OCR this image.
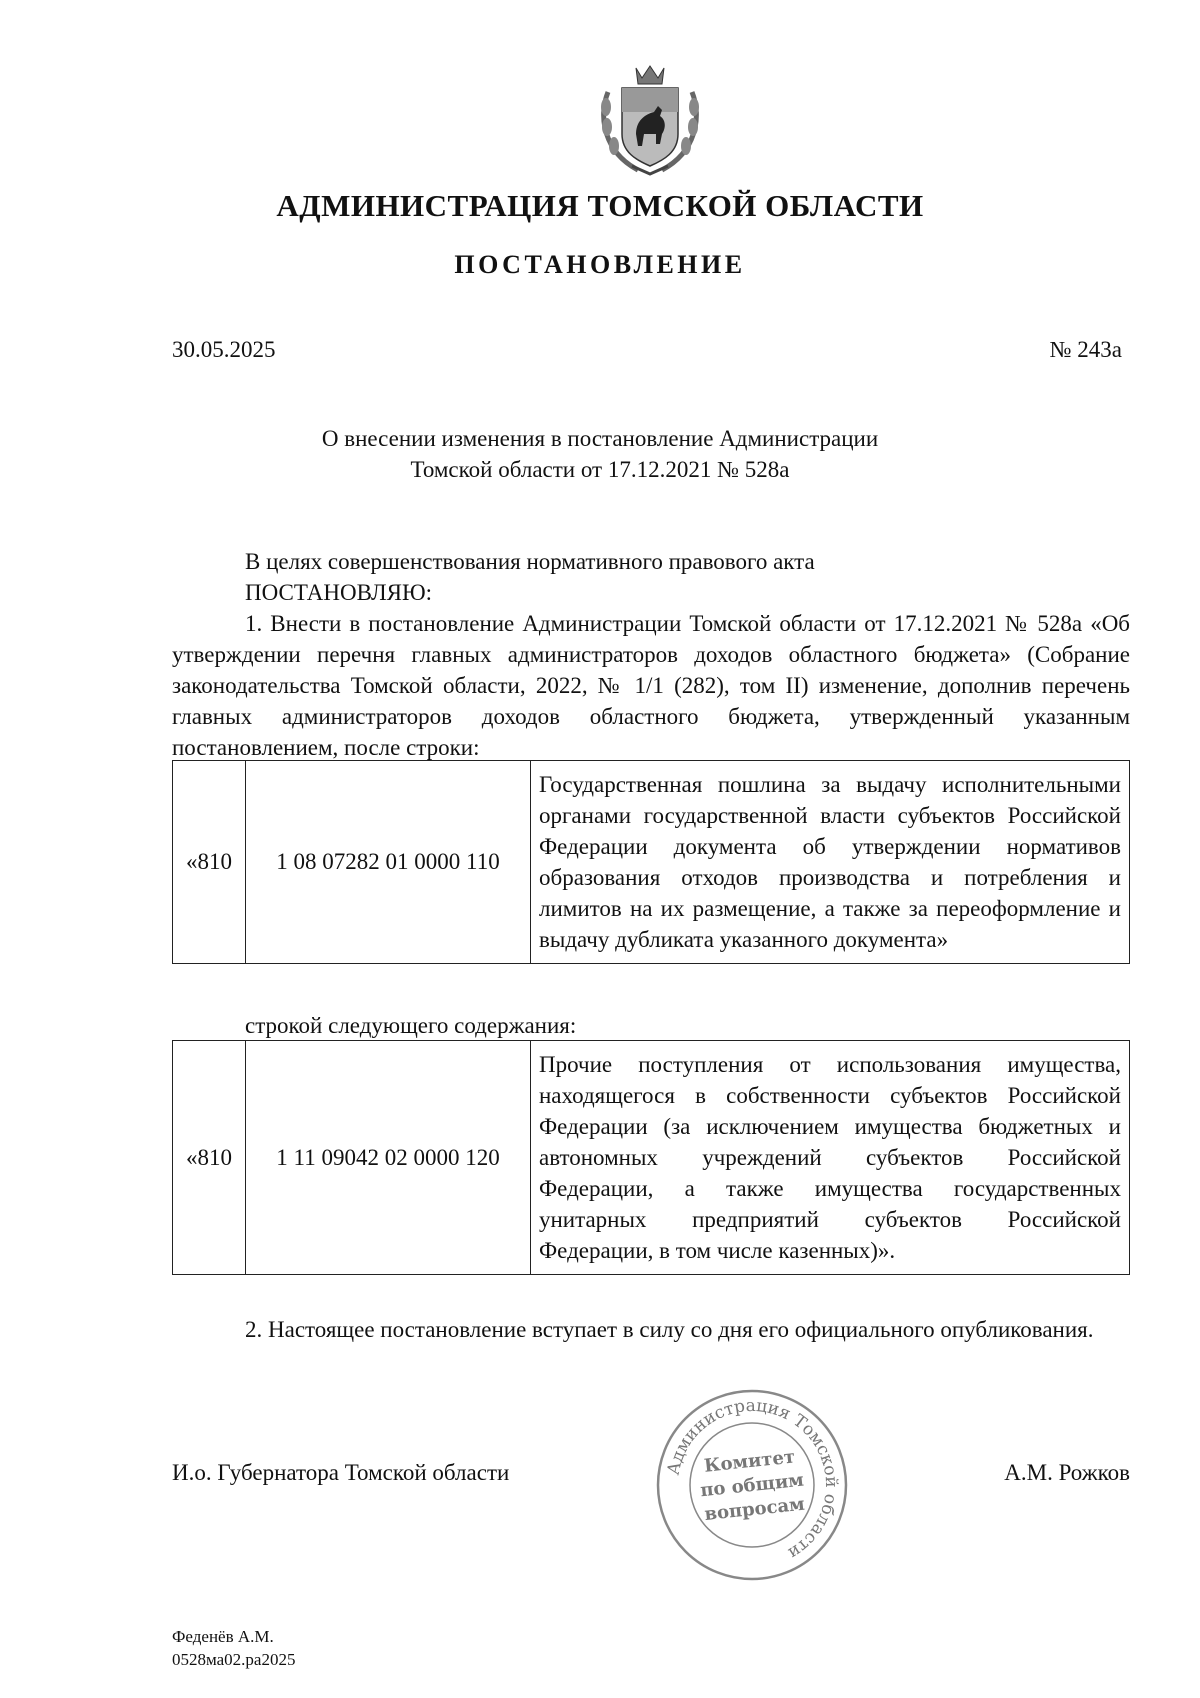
АДМИНИСТРАЦИЯ ТОМСКОЙ ОБЛАСТИ
ПОСТАНОВЛЕНИЕ
30.05.2025	№ 243а
О внесении изменения в постановление Администрации
Томской области от 17.12.2021 № 528а
В целях совершенствования нормативного правового акта
ПОСТАНОВЛЯЮ:
1. Внести в постановление Администрации Томской области от 17.12.2021 № 528а «Об утверждении перечня главных администраторов доходов областного бюджета» (Собрание законодательства Томской области, 2022, № 1/1 (282), том II) изменение, дополнив перечень главных администраторов доходов областного бюджета, утвержденный указанным постановлением, после строки:
«810	1 08 07282 01 0000 110	Государственная пошлина за выдачу исполнительными органами государственной власти субъектов Российской Федерации документа об утверждении нормативов образования отходов производства и потребления и лимитов на их размещение, а также за переоформление и выдачу дубликата указанного документа»
строкой следующего содержания:
«810	1 11 09042 02 0000 120	Прочие поступления от использования имущества, находящегося в собственности субъектов Российской Федерации (за исключением имущества бюджетных и автономных учреждений субъектов Российской Федерации, а также имущества государственных унитарных предприятий субъектов Российской Федерации, в том числе казенных)».
2. Настоящее постановление вступает в силу со дня его официального опубликования.
И.о. Губернатора Томской области	Администрация Томской области
Комитет
по общим
вопросам
А.М. Рожков
Феденёв А.М.
0528ма02.ра2025
